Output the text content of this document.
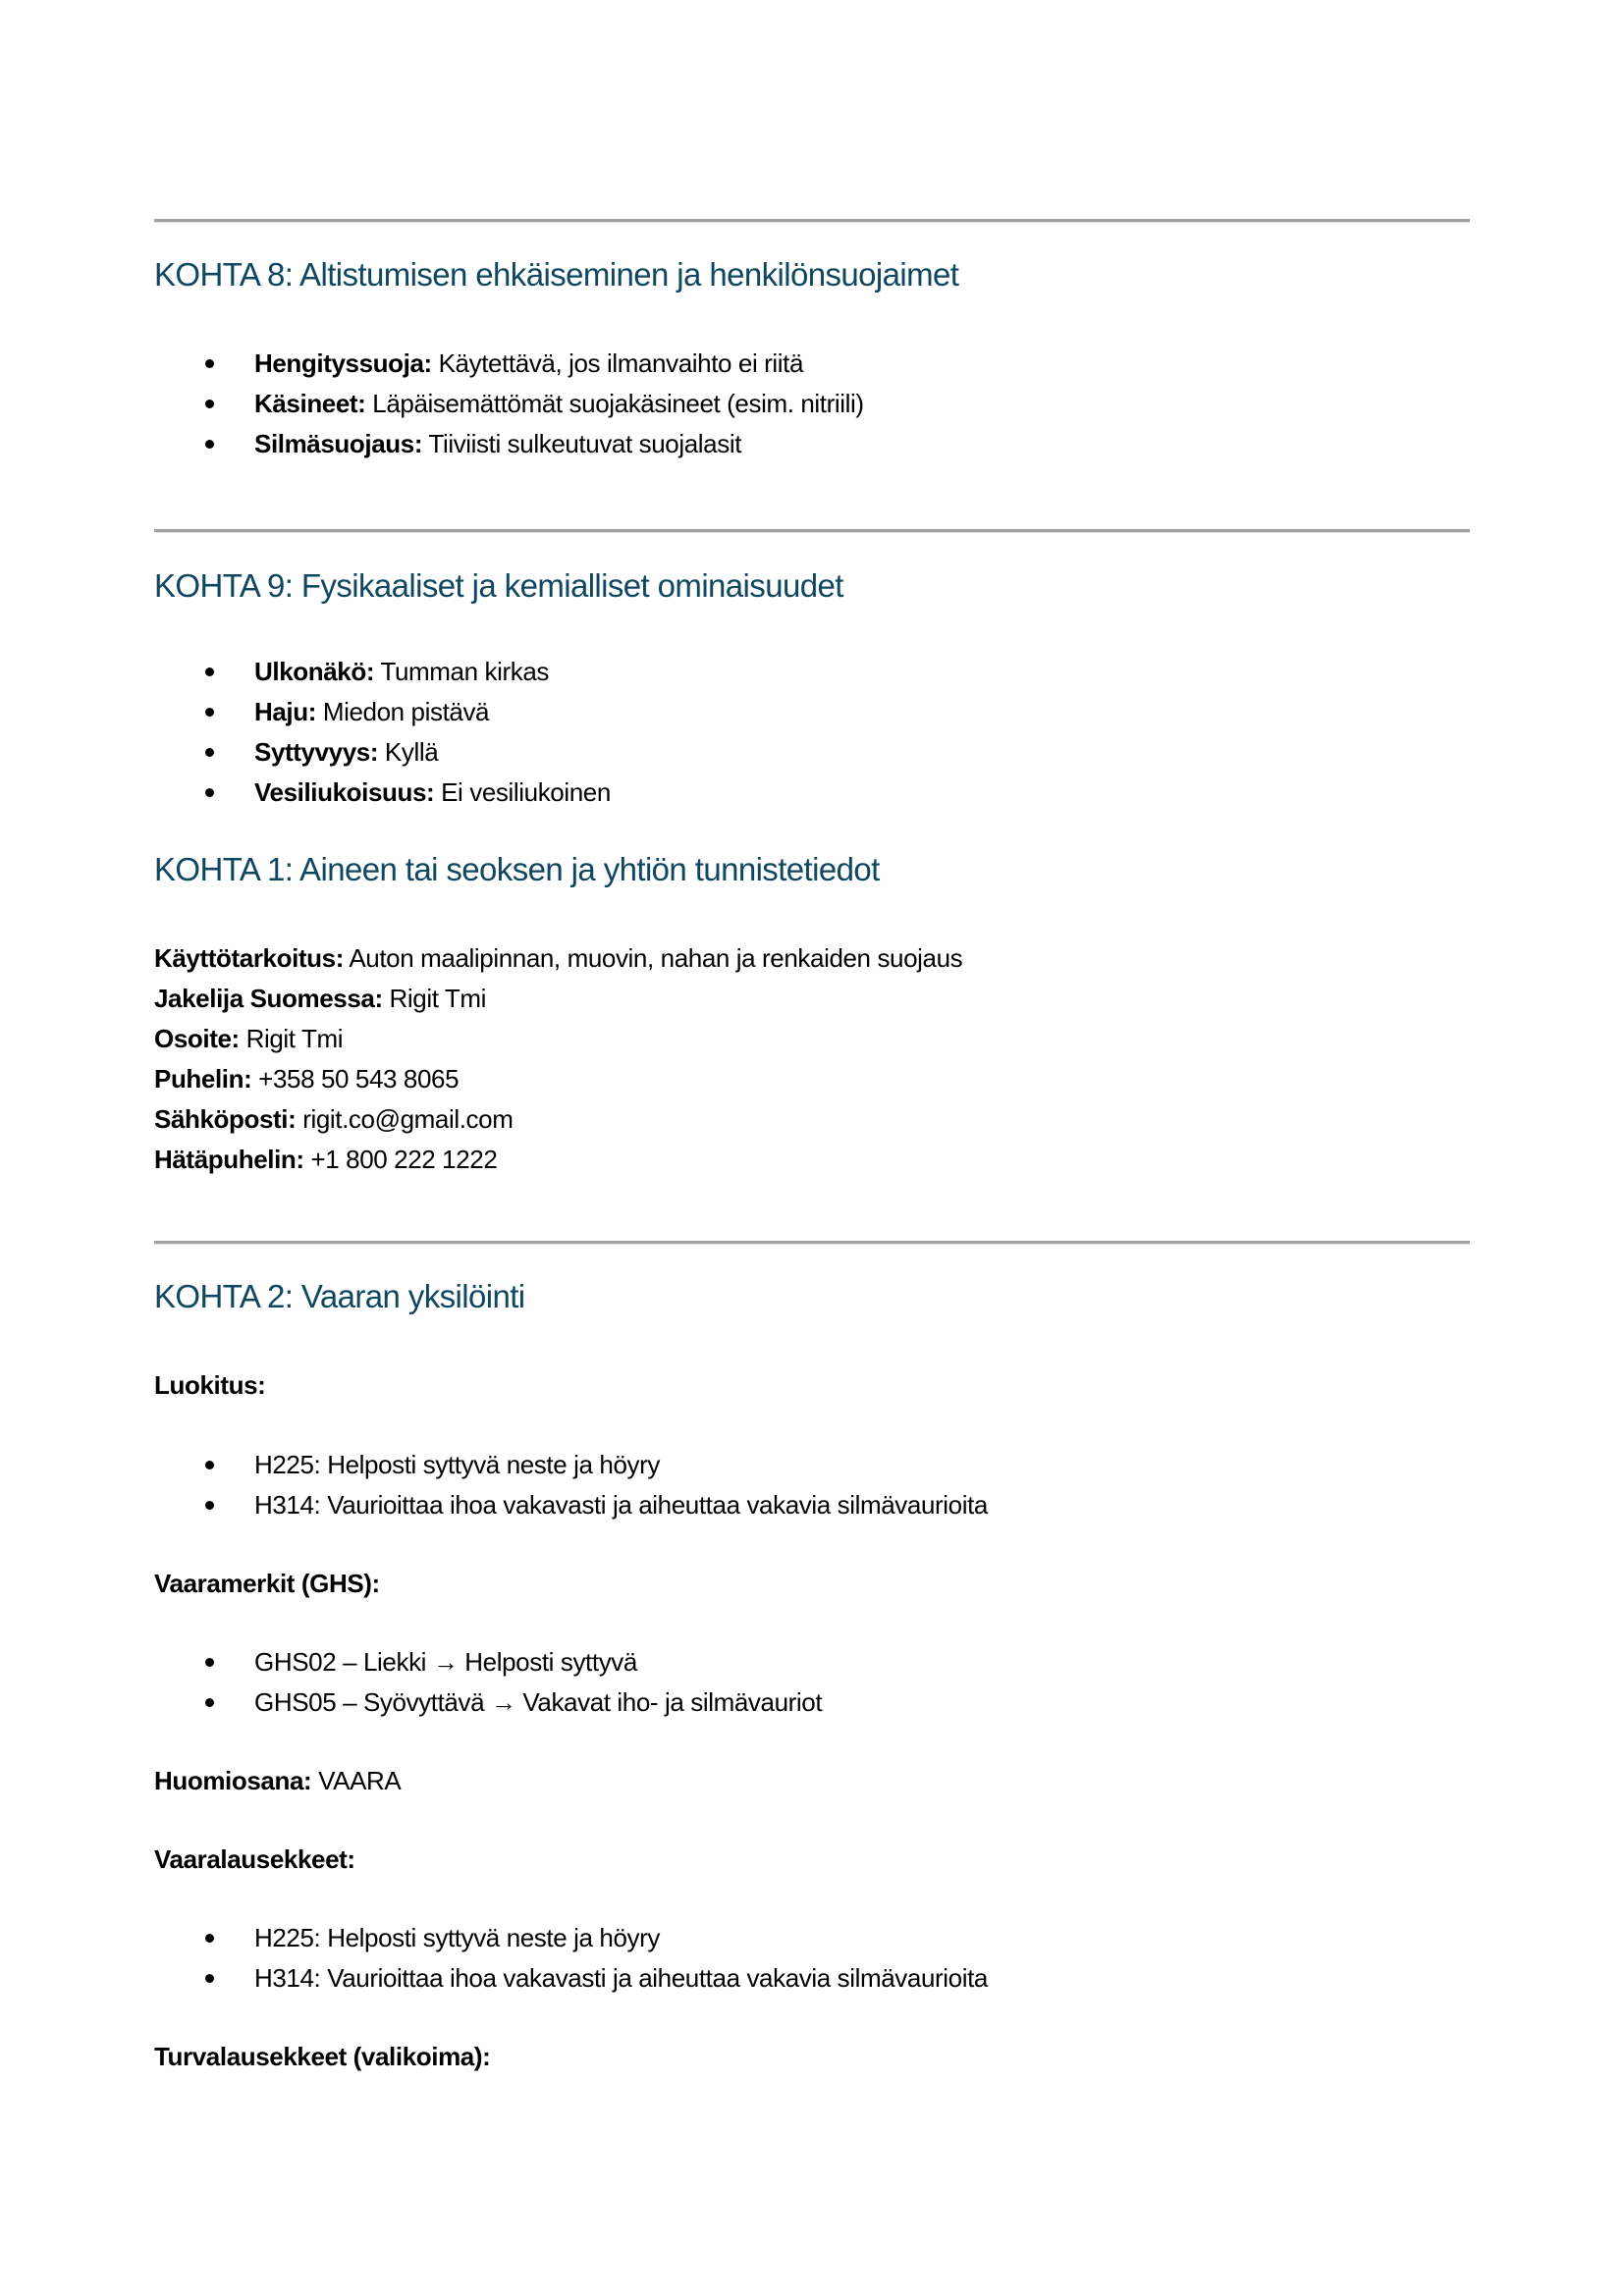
KOHTA 8: Altistumisen ehkäiseminen ja henkilönsuojaimet
Hengityssuoja: Käytettävä, jos ilmanvaihto ei riitä
Käsineet: Läpäisemättömät suojakäsineet (esim. nitriili)
Silmäsuojaus: Tiiviisti sulkeutuvat suojalasit
KOHTA 9: Fysikaaliset ja kemialliset ominaisuudet
Ulkonäkö: Tumman kirkas
Haju: Miedon pistävä
Syttyvyys: Kyllä
Vesiliukoisuus: Ei vesiliukoinen
KOHTA 1: Aineen tai seoksen ja yhtiön tunnistetiedot
Käyttötarkoitus: Auton maalipinnan, muovin, nahan ja renkaiden suojaus
Jakelija Suomessa: Rigit Tmi
Osoite: Rigit Tmi
Puhelin: +358 50 543 8065
Sähköposti: rigit.co@gmail.com
Hätäpuhelin: +1 800 222 1222
KOHTA 2: Vaaran yksilöinti
Luokitus:
H225: Helposti syttyvä neste ja höyry
H314: Vaurioittaa ihoa vakavasti ja aiheuttaa vakavia silmävaurioita
Vaaramerkit (GHS):
GHS02 – Liekki → Helposti syttyvä
GHS05 – Syövyttävä → Vakavat iho- ja silmävauriot
Huomiosana: VAARA
Vaaralausekkeet:
H225: Helposti syttyvä neste ja höyry
H314: Vaurioittaa ihoa vakavasti ja aiheuttaa vakavia silmävaurioita
Turvalausekkeet (valikoima):
